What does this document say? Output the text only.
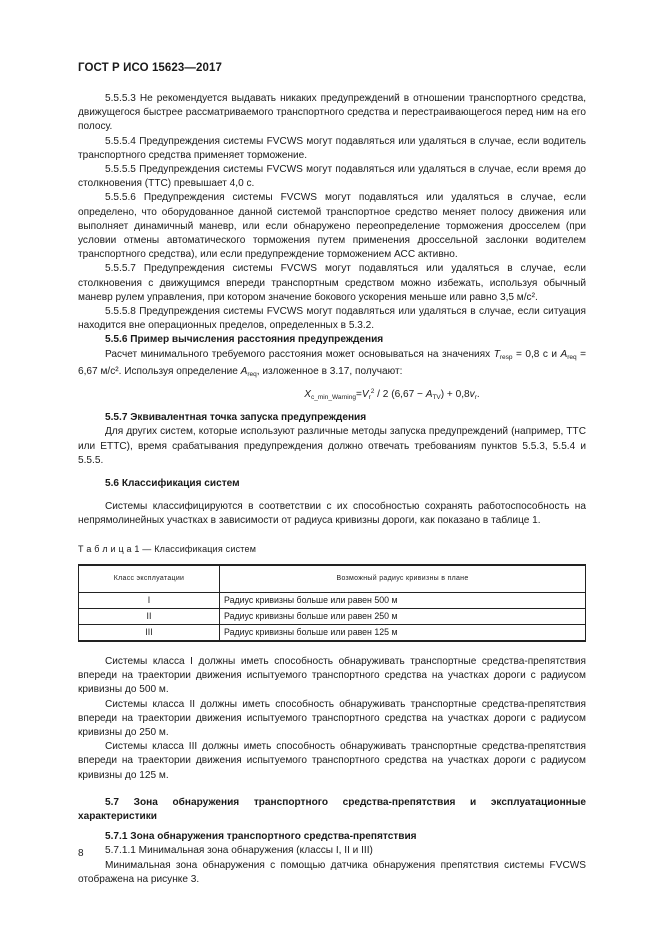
ГОСТ Р ИСО 15623—2017

5.5.5.3 Не рекомендуется выдавать никаких предупреждений в отношении транспортного средства, движущегося быстрее рассматриваемого транспортного средства и перестраивающегося перед ним на его полосу.

5.5.5.4 Предупреждения системы FVCWS могут подавляться или удаляться в случае, если водитель транспортного средства применяет торможение.

5.5.5.5 Предупреждения системы FVCWS могут подавляться или удаляться в случае, если время до столкновения (ТТС) превышает 4,0 с.

5.5.5.6 Предупреждения системы FVCWS могут подавляться или удаляться в случае, если определено, что оборудованное данной системой транспортное средство меняет полосу движения или выполняет динамичный маневр, или если обнаружено переопределение торможения дросселем (при условии отмены автоматического торможения путем применения дроссельной заслонки водителем транспортного средства), или если предупреждение торможением АСС активно.

5.5.5.7 Предупреждения системы FVCWS могут подавляться или удаляться в случае, если столкновения с движущимся впереди транспортным средством можно избежать, используя обычный маневр рулем управления, при котором значение бокового ускорения меньше или равно 3,5 м/с².

5.5.5.8 Предупреждения системы FVCWS могут подавляться или удаляться в случае, если ситуация находится вне операционных пределов, определенных в 5.3.2.

5.5.6 Пример вычисления расстояния предупреждения

Расчет минимального требуемого расстояния может основываться на значениях $T_{resp} = 0,8$ с и $A_{req} = 6,67$ м/с². Используя определение $A_{req}$, изложенное в 3.17, получают:

$X_{c\_min\_Warning}=V_r^2 / 2$ $(6,67 - A_{TV}) + 0,8v_r$.

5.5.7 Эквивалентная точка запуска предупреждения

Для других систем, которые используют различные методы запуска предупреждений (например, ТТС или ЕТТС), время срабатывания предупреждения должно отвечать требованиям пунктов 5.5.3, 5.5.4 и 5.5.5.

5.6 Классификация систем

Системы классифицируются в соответствии с их способностью сохранять работоспособность на непрямолинейных участках в зависимости от радиуса кривизны дороги, как показано в таблице 1.

Т а б л и ц а 1 — Классификация систем
Класс эксплуатации	Возможный радиус кривизны в плане
I	Радиус кривизны больше или равен 500 м
II	Радиус кривизны больше или равен 250 м
III	Радиус кривизны больше или равен 125 м

Системы класса I должны иметь способность обнаруживать транспортные средства-препятствия впереди на траектории движения испытуемого транспортного средства на участках дороги с радиусом кривизны до 500 м.

Системы класса II должны иметь способность обнаруживать транспортные средства-препятствия впереди на траектории движения испытуемого транспортного средства на участках дороги с радиусом кривизны до 250 м.

Системы класса III должны иметь способность обнаруживать транспортные средства-препятствия впереди на траектории движения испытуемого транспортного средства на участках дороги с радиусом кривизны до 125 м.

5.7 Зона обнаружения транспортного средства-препятствия и эксплуатационные характеристики

5.7.1 Зона обнаружения транспортного средства-препятствия

5.7.1.1 Минимальная зона обнаружения (классы I, II и III)

Минимальная зона обнаружения с помощью датчика обнаружения препятствия системы FVCWS отображена на рисунке 3.

8
